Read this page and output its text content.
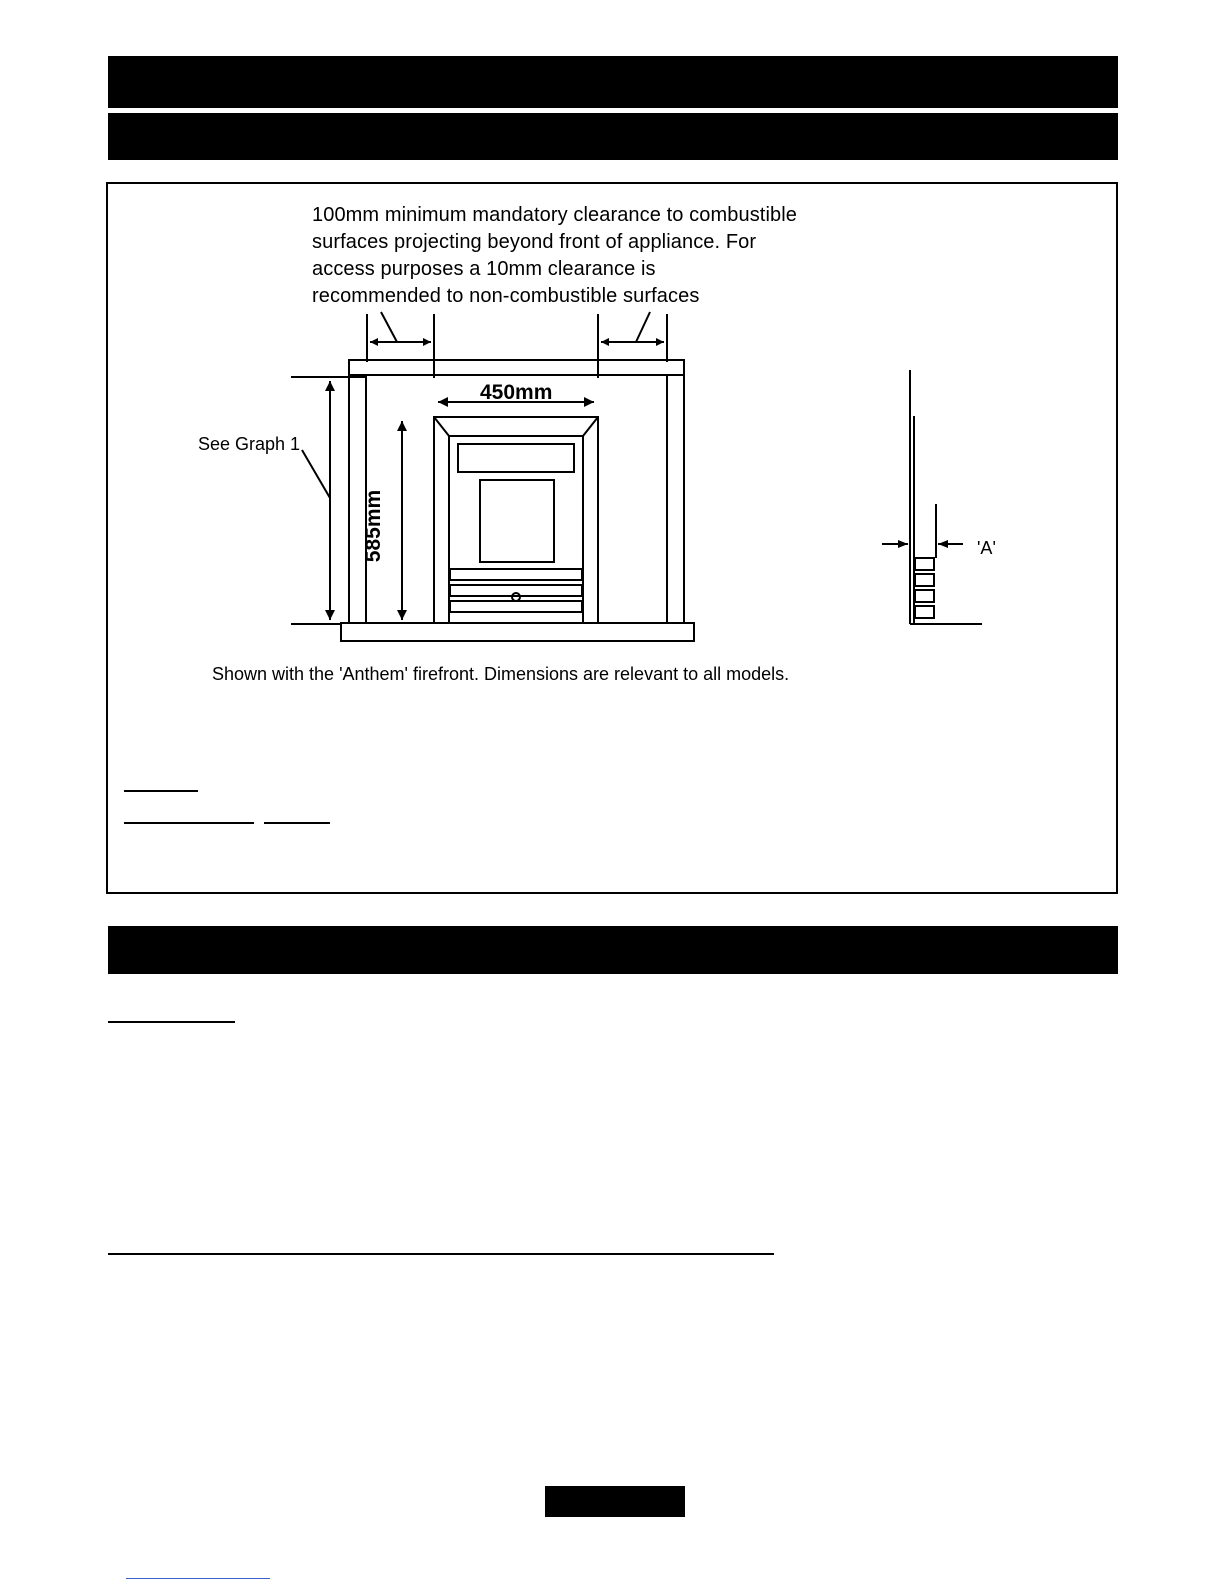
100mm minimum mandatory clearance to combustible
surfaces projecting beyond front of appliance. For
access purposes a 10mm clearance is
recommended to non-combustible surfaces
450mm
585mm
See Graph 1
'A'
Shown with the 'Anthem' firefront. Dimensions are relevant to all models.
